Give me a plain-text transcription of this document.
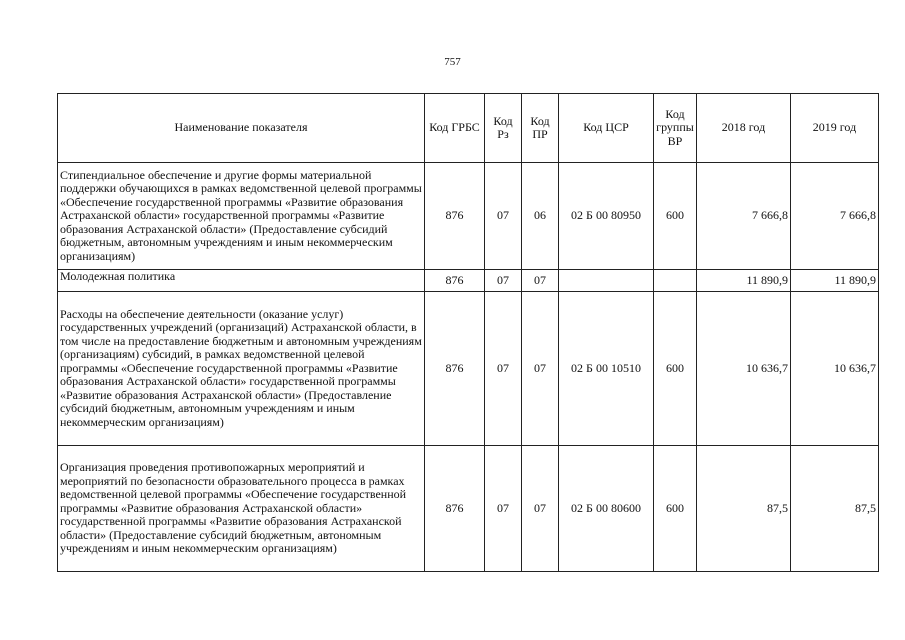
757
Наименование показателя	Код ГРБС	Код Рз	Код ПР	Код ЦСР	Код группы ВР	2018 год	2019 год
Стипендиальное обеспечение и другие формы материальной поддержки обучающихся в рамках ведомственной целевой программы «Обеспечение государственной программы «Развитие образования Астраханской области» государственной программы «Развитие образования Астраханской области» (Предоставление субсидий бюджетным, автономным учреждениям и иным некоммерческим организациям)	876	07	06	02 Б 00 80950	600	7 666,8	7 666,8
Молодежная политика	876	07	07			11 890,9	11 890,9
Расходы на обеспечение деятельности (оказание услуг) государственных учреждений (организаций) Астраханской области, в том числе на предоставление бюджетным и автономным учреждениям (организациям) субсидий, в рамках ведомственной целевой программы «Обеспечение государственной программы «Развитие образования Астраханской области» государственной программы «Развитие образования Астраханской области» (Предоставление субсидий бюджетным, автономным учреждениям и иным некоммерческим организациям)	876	07	07	02 Б 00 10510	600	10 636,7	10 636,7
Организация проведения противопожарных мероприятий и мероприятий по безопасности образовательного процесса в рамках ведомственной целевой программы «Обеспечение государственной программы «Развитие образования Астраханской области» государственной программы «Развитие образования Астраханской области» (Предоставление субсидий бюджетным, автономным учреждениям и иным некоммерческим организациям)	876	07	07	02 Б 00 80600	600	87,5	87,5
